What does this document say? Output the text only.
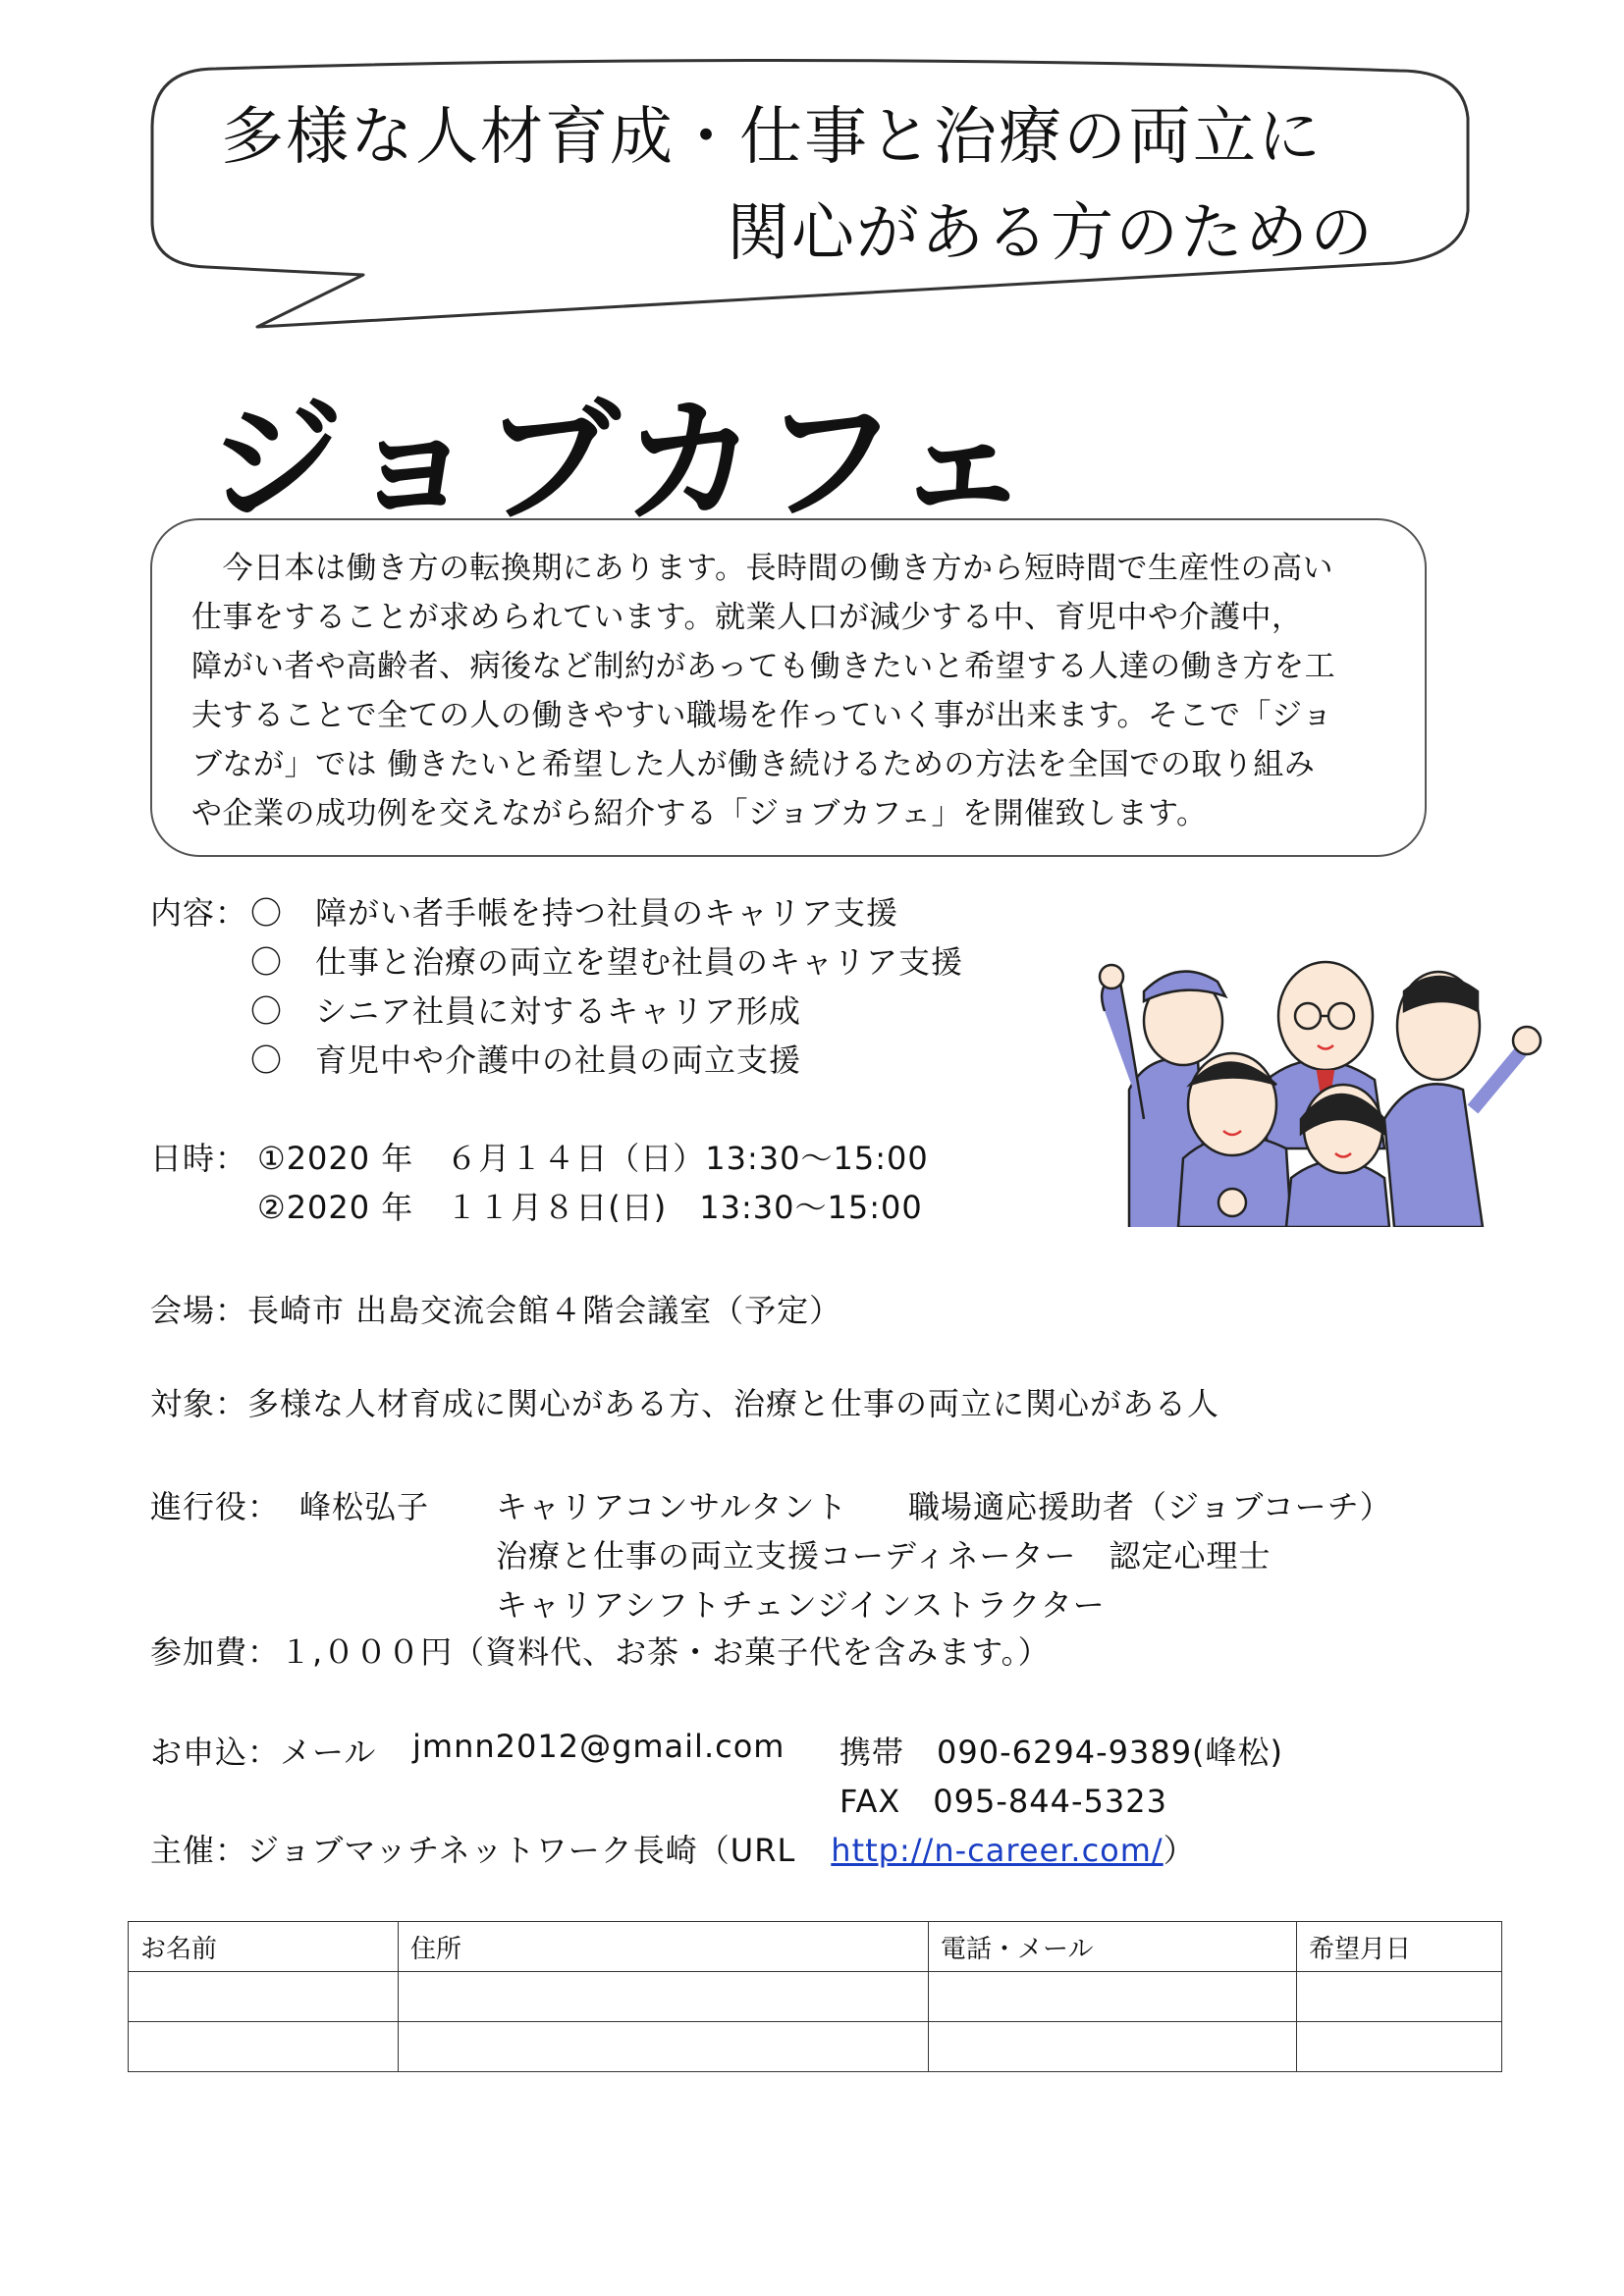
多様な人材育成・仕事と治療の両立に
関心がある方のための
ジョブカフェ
　今日本は働き方の転換期にあります。長時間の働き方から短時間で生産性の高い
仕事をすることが求められています。就業人口が減少する中、育児中や介護中，
障がい者や高齢者、病後など制約があっても働きたいと希望する人達の働き方を工
夫することで全ての人の働きやすい職場を作っていく事が出来ます。そこで「ジョ
ブなが」では 働きたいと希望した人が働き続けるための方法を全国での取り組み
や企業の成功例を交えながら紹介する「ジョブカフェ」を開催致します。
内容： 〇　障がい者手帳を持つ社員のキャリア支援
〇　仕事と治療の両立を望む社員のキャリア支援
〇　シニア社員に対するキャリア形成
〇　育児中や介護中の社員の両立支援
日時： ①2020 年　６月１４日（日）13:30～15:00
②2020 年　１１月８日(日)　13:30～15:00
会場：長崎市 出島交流会館４階会議室（予定）
対象：多様な人材育成に関心がある方、治療と仕事の両立に関心がある人
進行役： 峰松弘子 キャリアコンサルタント 職場適応援助者（ジョブコーチ）
治療と仕事の両立支援コーディネーター　認定心理士
キャリアシフトチェンジインストラクター
参加費：１,０００円（資料代、お茶・お菓子代を含みます。）
お申込：メール jmnn2012@gmail.com 携帯　090-6294-9389(峰松)
FAX　095-844-5323
主催：ジョブマッチネットワーク長崎（URL http://n-career.com/）
お名前	住所	電話・メール	希望月日
